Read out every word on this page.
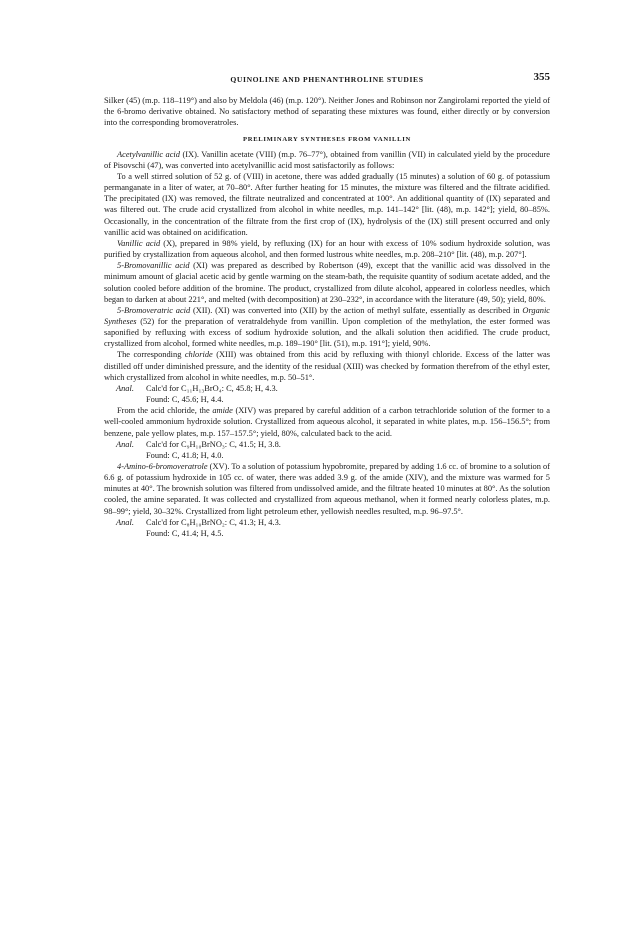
QUINOLINE AND PHENANTHROLINE STUDIES	355

Silker (45) (m.p. 118–119°) and also by Meldola (46) (m.p. 120°). Neither Jones and Robinson nor Zangirolami reported the yield of the 6-bromo derivative obtained. No satisfactory method of separating these mixtures was found, either directly or by conversion into the corresponding bromoveratroles.

PRELIMINARY SYNTHESES FROM VANILLIN

Acetylvanillic acid (IX). Vanillin acetate (VIII) (m.p. 76–77°), obtained from vanillin (VII) in calculated yield by the procedure of Pisovschi (47), was converted into acetylvanillic acid most satisfactorily as follows:

To a well stirred solution of 52 g. of (VIII) in acetone, there was added gradually (15 minutes) a solution of 60 g. of potassium permanganate in a liter of water, at 70–80°. After further heating for 15 minutes, the mixture was filtered and the filtrate acidified. The precipitated (IX) was removed, the filtrate neutralized and concentrated at 100°. An additional quantity of (IX) separated and was filtered out. The crude acid crystallized from alcohol in white needles, m.p. 141–142° [lit. (48), m.p. 142°]; yield, 80–85%. Occasionally, in the concentration of the filtrate from the first crop of (IX), hydrolysis of the (IX) still present occurred and only vanillic acid was obtained on acidification.

Vanillic acid (X), prepared in 98% yield, by refluxing (IX) for an hour with excess of 10% sodium hydroxide solution, was purified by crystallization from aqueous alcohol, and then formed lustrous white needles, m.p. 208–210° [lit. (48), m.p. 207°].

5-Bromovanillic acid (XI) was prepared as described by Robertson (49), except that the vanillic acid was dissolved in the minimum amount of glacial acetic acid by gentle warming on the steam-bath, the requisite quantity of sodium acetate added, and the solution cooled before addition of the bromine. The product, crystallized from dilute alcohol, appeared in colorless needles, which began to darken at about 221°, and melted (with decomposition) at 230–232°, in accordance with the literature (49, 50); yield, 80%.

5-Bromoveratric acid (XII). (XI) was converted into (XII) by the action of methyl sulfate, essentially as described in Organic Syntheses (52) for the preparation of veratraldehyde from vanillin. Upon completion of the methylation, the ester formed was saponified by refluxing with excess of sodium hydroxide solution, and the alkali solution then acidified. The crude product, crystallized from alcohol, formed white needles, m.p. 189–190° [lit. (51), m.p. 191°]; yield, 90%.

The corresponding chloride (XIII) was obtained from this acid by refluxing with thionyl chloride. Excess of the latter was distilled off under diminished pressure, and the identity of the residual (XIII) was checked by formation therefrom of the ethyl ester, which crystallized from alcohol in white needles, m.p. 50–51°.

Anal.	Calc'd for C₁₁H₁₃BrO₄: C, 45.8; H, 4.3.
Found: C, 45.6; H, 4.4.

From the acid chloride, the amide (XIV) was prepared by careful addition of a carbon tetrachloride solution of the former to a well-cooled ammonium hydroxide solution. Crystallized from aqueous alcohol, it separated in white plates, m.p. 156–156.5°; from benzene, pale yellow plates, m.p. 157–157.5°; yield, 80%, calculated back to the acid.

Anal.	Calc'd for C₉H₁₀BrNO₃: C, 41.5; H, 3.8.
Found: C, 41.8; H, 4.0.

4-Amino-6-bromoveratrole (XV). To a solution of potassium hypobromite, prepared by adding 1.6 cc. of bromine to a solution of 6.6 g. of potassium hydroxide in 105 cc. of water, there was added 3.9 g. of the amide (XIV), and the mixture was warmed for 5 minutes at 40°. The brownish solution was filtered from undissolved amide, and the filtrate heated 10 minutes at 80°. As the solution cooled, the amine separated. It was collected and crystallized from aqueous methanol, when it formed nearly colorless plates, m.p. 98–99°; yield, 30–32%. Crystallized from light petroleum ether, yellowish needles resulted, m.p. 96–97.5°.

Anal.	Calc'd for C₈H₁₀BrNO₂: C, 41.3; H, 4.3.
Found: C, 41.4; H, 4.5.
